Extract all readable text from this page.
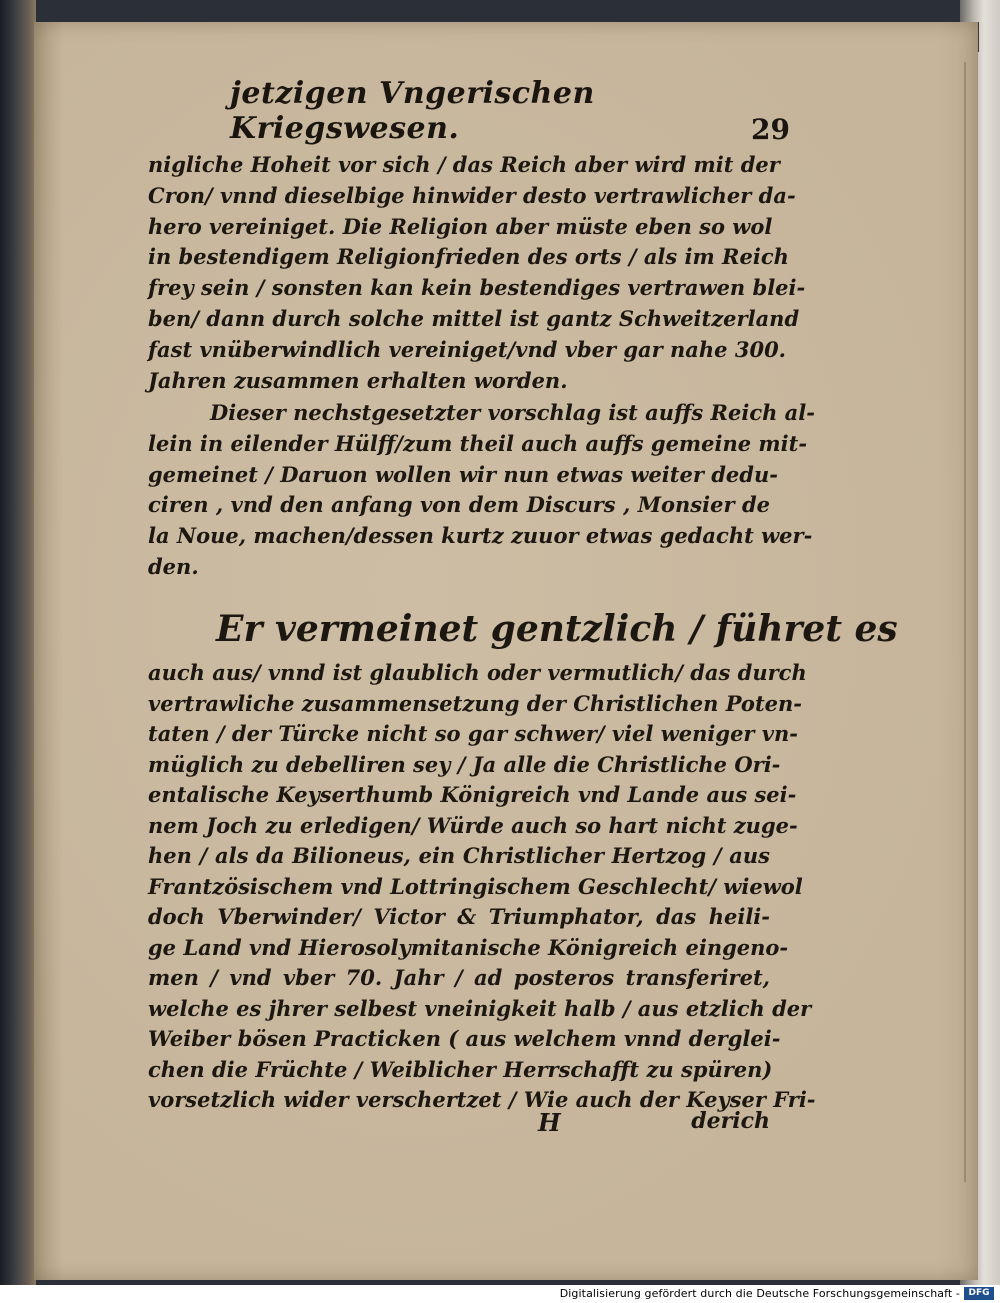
jetzigen Vngerischen Kriegswesen.	29
nigliche Hoheit vor sich / das Reich aber wird mit der
Cron/ vnnd dieselbige hinwider desto vertrawlicher da-
hero vereiniget. Die Religion aber müste eben so wol
in bestendigem Religionfrieden des orts / als im Reich
frey sein / sonsten kan kein bestendiges vertrawen blei-
ben/ dann durch solche mittel ist gantz Schweitzerland
fast vnüberwindlich vereiniget/vnd vber gar nahe 300.
Jahren zusammen erhalten worden.
Dieser nechstgesetzter vorschlag ist auffs Reich al-
lein in eilender Hülff/zum theil auch auffs gemeine mit-
gemeinet / Daruon wollen wir nun etwas weiter dedu-
ciren , vnd den anfang von dem Discurs , Monsier de
la Noue, machen/dessen kurtz zuuor etwas gedacht wer-
den.
Er vermeinet gentzlich / führet es
auch aus/ vnnd ist glaublich oder vermutlich/ das durch
vertrawliche zusammensetzung der Christlichen Poten-
taten / der Türcke nicht so gar schwer/ viel weniger vn-
müglich zu debelliren sey / Ja alle die Christliche Ori-
entalische Keyserthumb Königreich vnd Lande aus sei-
nem Joch zu erledigen/ Würde auch so hart nicht zuge-
hen / als da Bilioneus, ein Christlicher Hertzog / aus
Frantzösischem vnd Lottringischem Geschlecht/ wiewol
doch Vberwinder/ Victor & Triumphator, das heili-
ge Land vnd Hierosolymitanische Königreich eingeno-
men / vnd vber 70. Jahr / ad posteros transferiret,
welche es jhrer selbest vneinigkeit halb / aus etzlich der
Weiber bösen Practicken ( aus welchem vnnd derglei-
chen die Früchte / Weiblicher Herrschafft zu spüren)
vorsetzlich wider verschertzet / Wie auch der Keyser Fri-
H	derich
Digitalisierung gefördert durch die Deutsche Forschungsgemeinschaft - DFG
